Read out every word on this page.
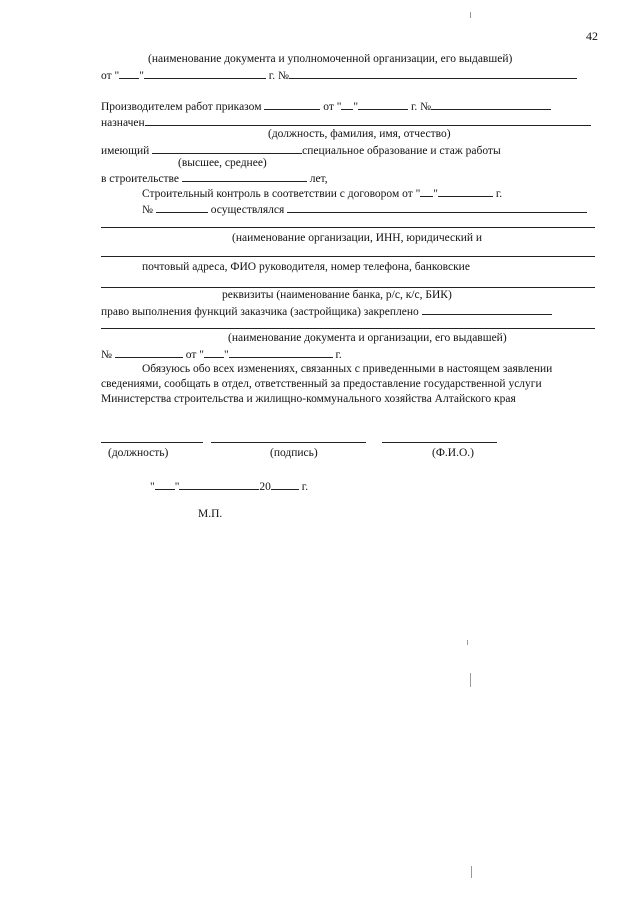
42
(наименование документа и уполномоченной организации, его выдавшей)
от " "	г. №
Производителем работ приказом	от " "	г. №
назначен
(должность, фамилия, имя, отчество)
имеющий	специальное образование и стаж работы
(высшее, среднее)
в строительстве	лет,
Строительный контроль в соответствии с договором от " "	г.
№	осуществлялся
(наименование организации, ИНН, юридический и
почтовый адреса, ФИО руководителя, номер телефона, банковские
реквизиты (наименование банка, р/с, к/с, БИК)
право выполнения функций заказчика (застройщика) закреплено
(наименование документа и организации, его выдавшей)
№	от " "	г.
Обязуюсь обо всех изменениях, связанных с приведенными в настоящем заявлении
сведениями, сообщать в отдел, ответственный за предоставление государственной услуги
Министерства строительства и жилищно-коммунального хозяйства Алтайского края
(должность)	(подпись)	(Ф.И.О.)
" "	20	г.
М.П.
